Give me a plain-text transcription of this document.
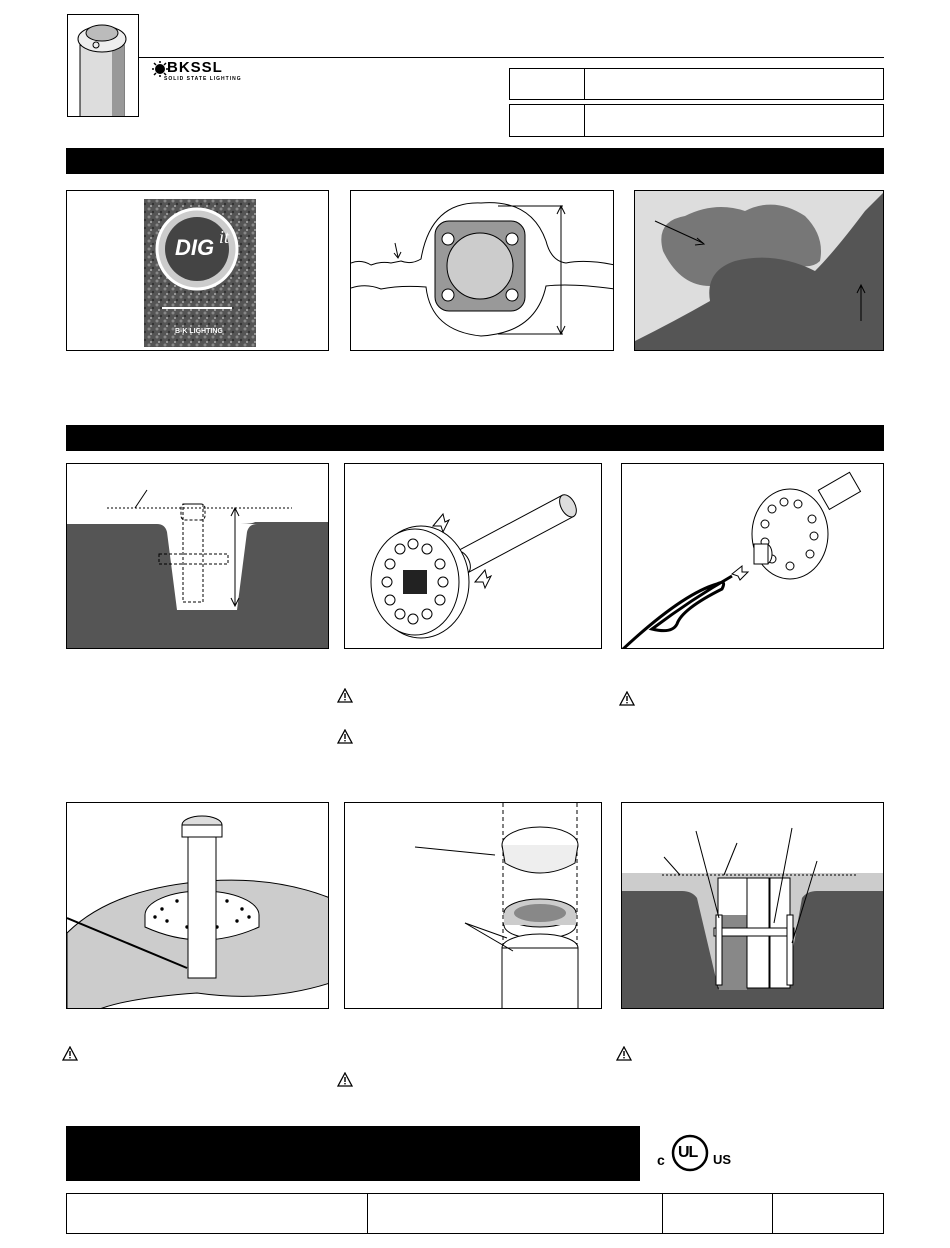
BKSSL
SOLID STATE LIGHTING
DIG it
B-K LIGHTING
c UL US
